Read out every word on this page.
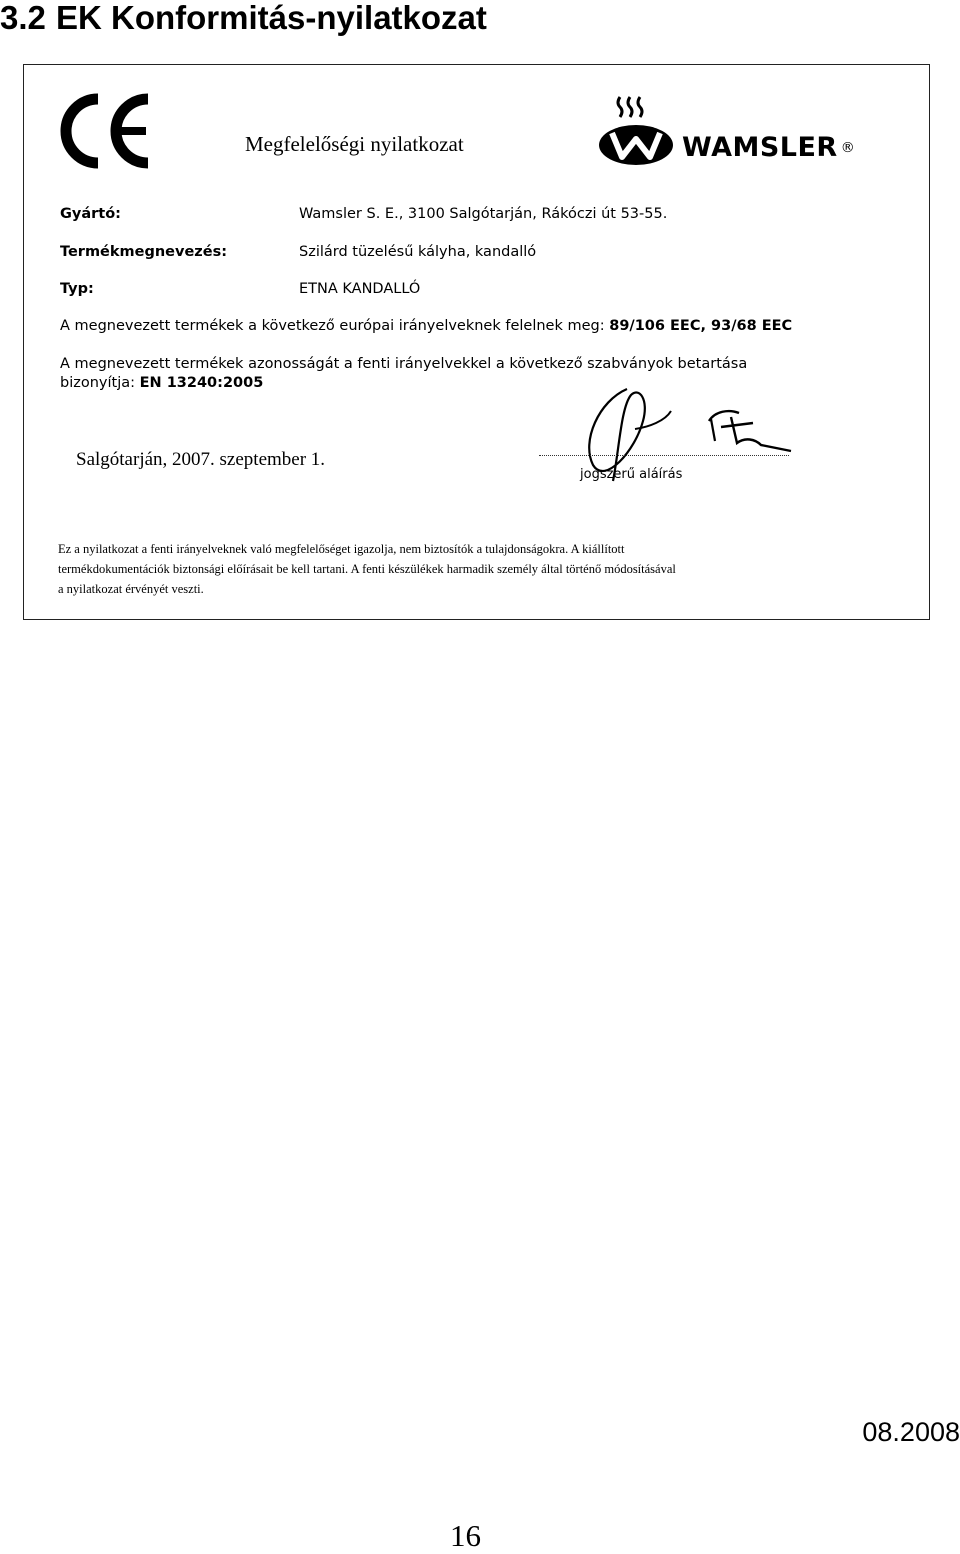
3.2 EK Konformitás-nyilatkozat
Megfelelőségi nyilatkozat	WAMSLER ®
Gyártó:	Wamsler S. E., 3100 Salgótarján, Rákóczi út 53-55.
Termékmegnevezés:	Szilárd tüzelésű kályha, kandalló
Typ:	ETNA KANDALLÓ
A megnevezett termékek a következő európai irányelveknek felelnek meg: 89/106 EEC, 93/68 EEC
A megnevezett termékek azonosságát a fenti irányelvekkel a következő szabványok betartása
bizonyítja: EN 13240:2005
Salgótarján, 2007. szeptember 1.
jogszerű aláírás

Ez a nyilatkozat a fenti irányelveknek való megfelelőséget igazolja, nem biztosítók a tulajdonságokra. A kiállított
termékdokumentációk biztonsági előírásait be kell tartani. A fenti készülékek harmadik személy által történő módosításával
a nyilatkozat érvényét veszti.

08.2008
16
